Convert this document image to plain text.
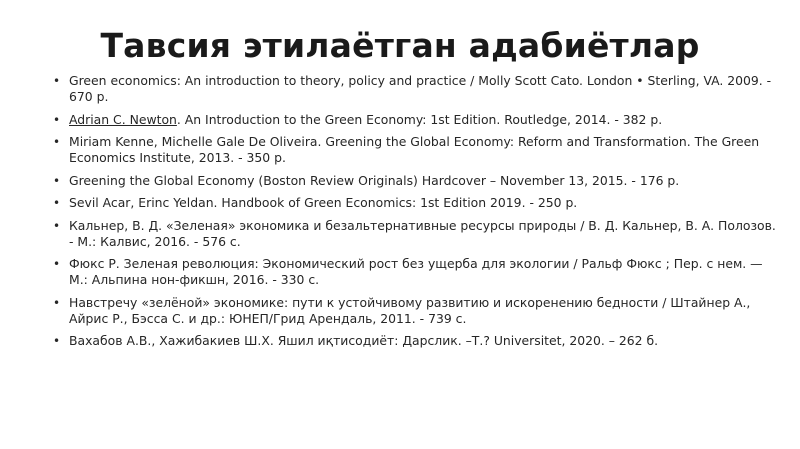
Тавсия этилаётган адабиётлар
• Green economics: An introduction to theory, policy and practice / Molly Scott Cato. London • Sterling, VA. 2009. - 670 p.
• Adrian C. Newton. An Introduction to the Green Economy: 1st Edition. Routledge, 2014. - 382 p.
• Miriam Kenne, Michelle Gale De Oliveira. Greening the Global Economy: Reform and Transformation. The Green Economics Institute, 2013. - 350 p.
• Greening the Global Economy (Boston Review Originals) Hardcover – November 13, 2015. - 176 p.
• Sevil Acar, Erinc Yeldan. Handbook of Green Economics: 1st Edition 2019. - 250 p.
• Кальнер, В. Д. «Зеленая» экономика и безальтернативные ресурсы природы / В. Д. Кальнер, В. А. Полозов. - М.: Калвис, 2016. - 576 с.
• Фюкс Р. Зеленая революция: Экономический рост без ущерба для экологии / Ральф Фюкс ; Пер. с нем. — М.: Альпина нон-фикшн, 2016. - 330 с.
• Навстречу «зелёной» экономике: пути к устойчивому развитию и искоренению бедности / Штайнер А., Айрис Р., Бэсса С. и др.: ЮНЕП/Грид Арендаль, 2011. - 739 с.
• Вахабов А.В., Хажибакиев Ш.Х. Яшил иқтисодиёт: Дарслик. –Т.? Universitet, 2020. – 262 б.
